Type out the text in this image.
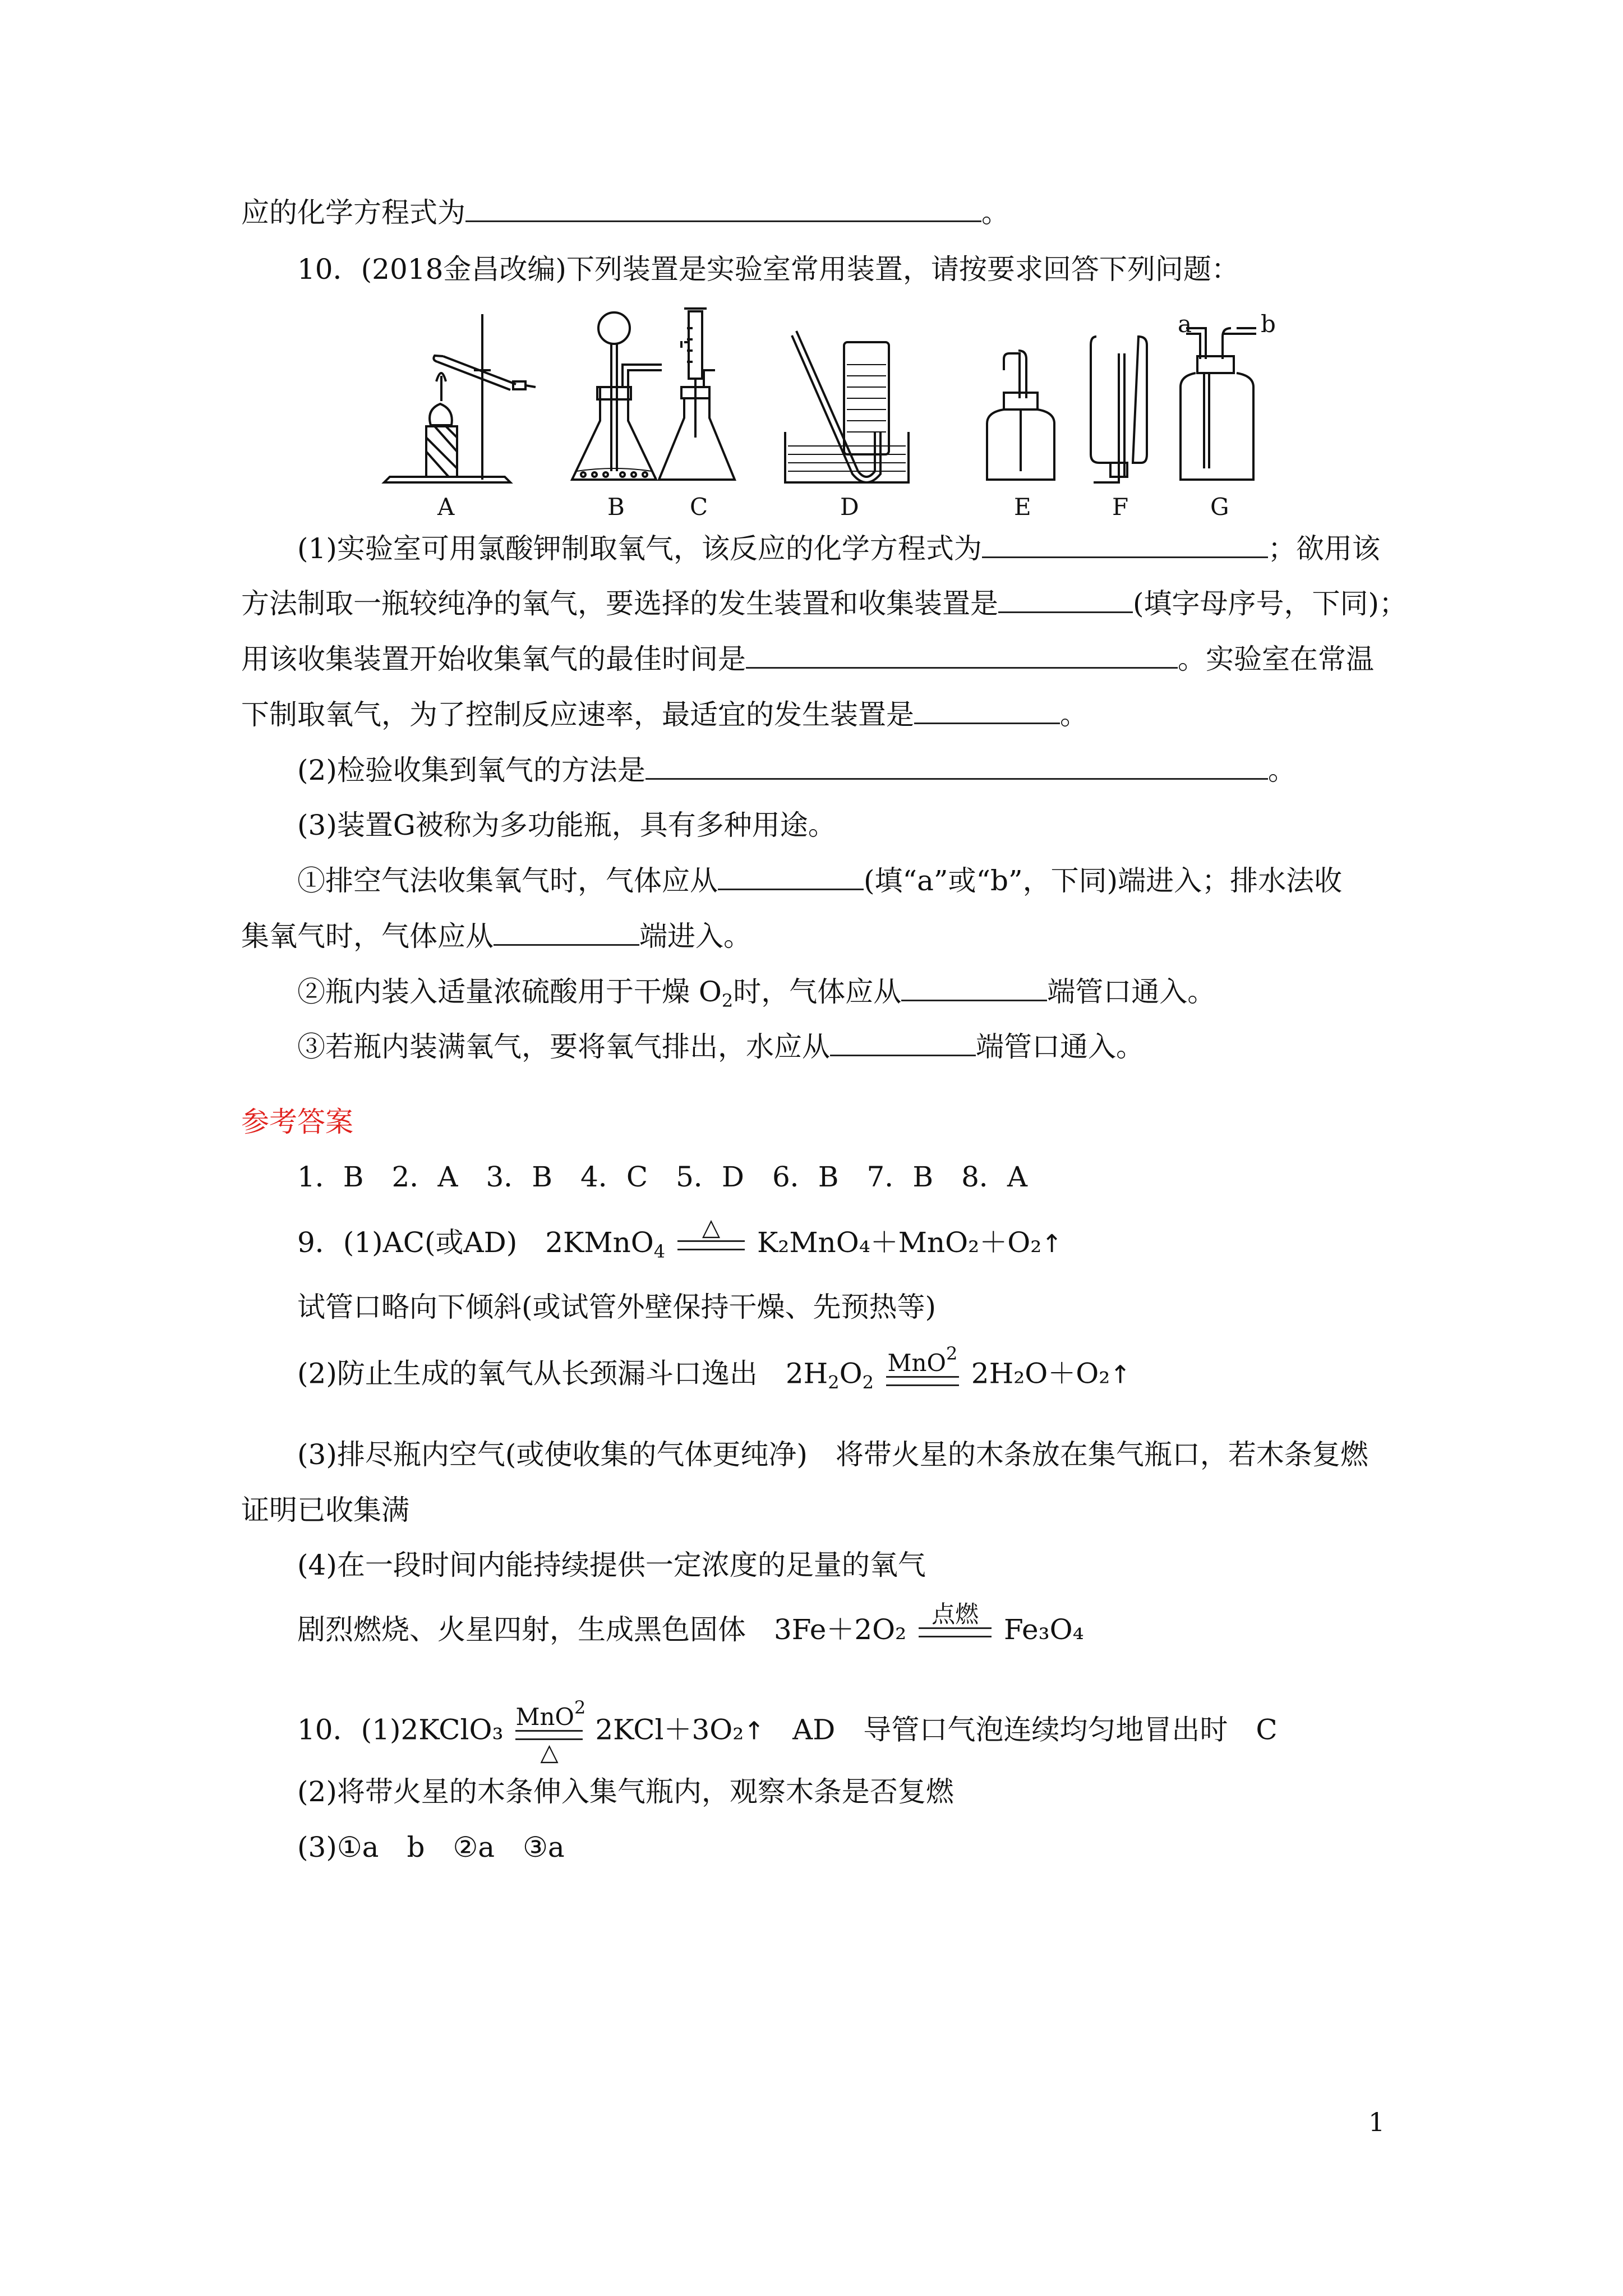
应的化学方程式为	。
10．(2018金昌改编)下列装置是实验室常用装置，请按要求回答下列问题：
a	b
A	B	C	D	E	F	G
(1)实验室可用氯酸钾制取氧气，该反应的化学方程式为	；欲用该
方法制取一瓶较纯净的氧气，要选择的发生装置和收集装置是	(填字母序号，下同)；
用该收集装置开始收集氧气的最佳时间是	。实验室在常温
下制取氧气，为了控制反应速率，最适宜的发生装置是	。
(2)检验收集到氧气的方法是	。
(3)装置G被称为多功能瓶，具有多种用途。
①排空气法收集氧气时，气体应从	(填“a”或“b”，下同)端进入；排水法收
集氧气时，气体应从	端进入。
②瓶内装入适量浓硫酸用于干燥 $O_2$时，气体应从	端管口通入。
③若瓶内装满氧气，要将氧气排出，水应从	端管口通入。
参考答案
1．B　2．A　3．B　4．C　5．D　6．B　7．B　8．A
9．(1)AC(或AD)　2KMnO$_4$
△	K₂MnO₄＋MnO₂＋O₂↑
试管口略向下倾斜(或试管外壁保持干燥、先预热等)
(2)防止生成的氧气从长颈漏斗口逸出　$2H_2O_2$
MnO$^2$
2H₂O＋O₂↑
(3)排尽瓶内空气(或使收集的气体更纯净)　将带火星的木条放在集气瓶口，若木条复燃
证明已收集满
(4)在一段时间内能持续提供一定浓度的足量的氧气
剧烈燃烧、火星四射，生成黑色固体　3Fe＋2O₂	点燃 Fe₃O₄
10．(1)2KClO₃ MnO$^2$
△
2KCl＋3O₂↑　AD　导管口气泡连续均匀地冒出时　C
(2)将带火星的木条伸入集气瓶内，观察木条是否复燃
(3)①a　b　②a　③a
1
